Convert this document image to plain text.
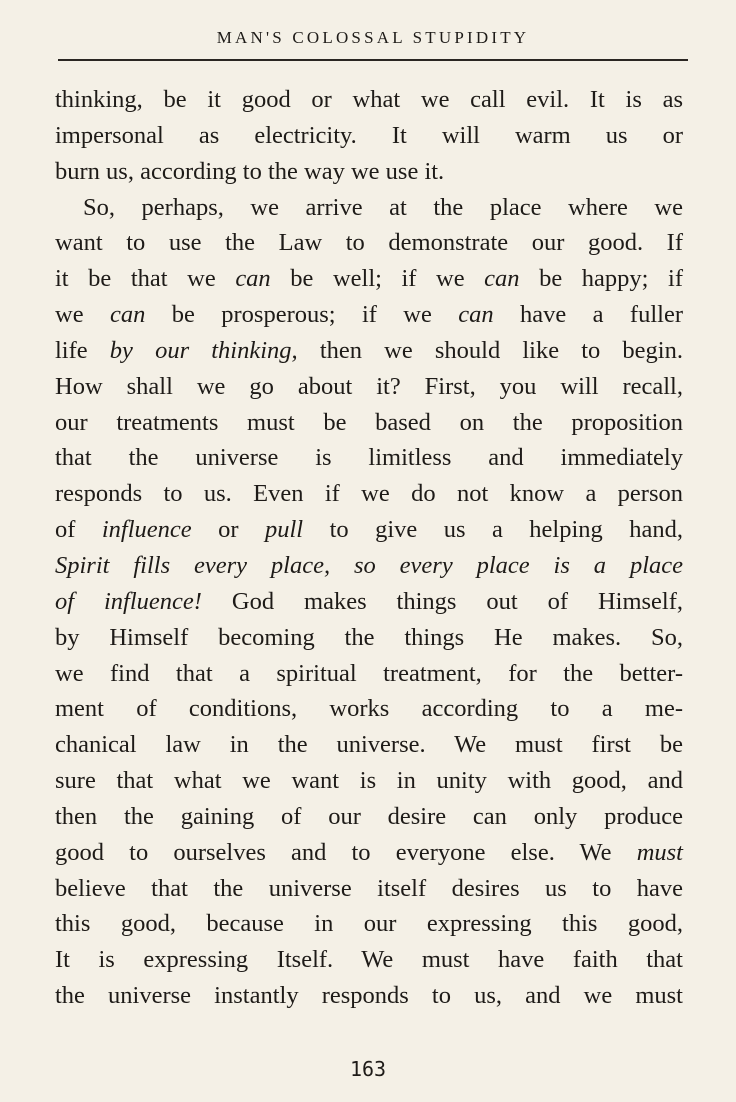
MAN'S COLOSSAL STUPIDITY
thinking, be it good or what we call evil. It is as
impersonal as electricity. It will warm us or
burn us, according to the way we use it.
So, perhaps, we arrive at the place where we
want to use the Law to demonstrate our good. If
it be that we can be well; if we can be happy; if
we can be prosperous; if we can have a fuller
life by our thinking, then we should like to begin.
How shall we go about it? First, you will recall,
our treatments must be based on the proposition
that the universe is limitless and immediately
responds to us. Even if we do not know a person
of influence or pull to give us a helping hand,
Spirit fills every place, so every place is a place
of influence! God makes things out of Himself,
by Himself becoming the things He makes. So,
we find that a spiritual treatment, for the better-
ment of conditions, works according to a me-
chanical law in the universe. We must first be
sure that what we want is in unity with good, and
then the gaining of our desire can only produce
good to ourselves and to everyone else. We must
believe that the universe itself desires us to have
this good, because in our expressing this good,
It is expressing Itself. We must have faith that
the universe instantly responds to us, and we must
163
